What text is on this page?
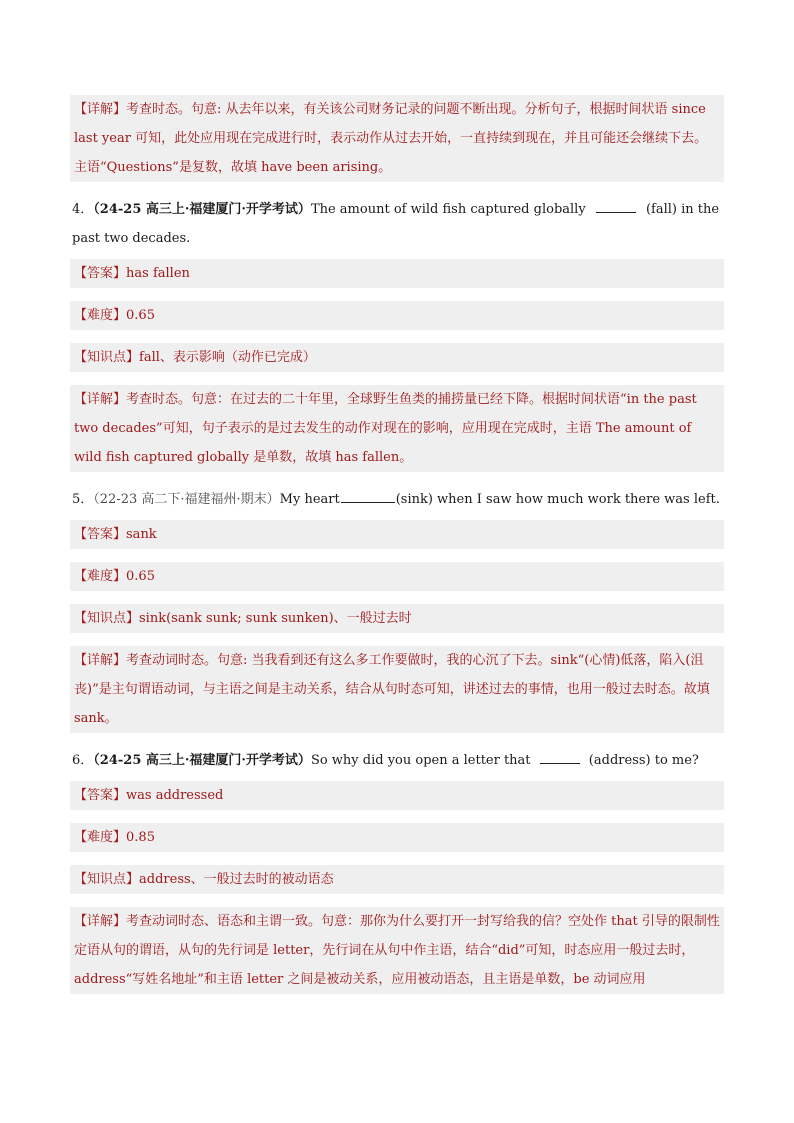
【详解】考查时态。句意: 从去年以来，有关该公司财务记录的问题不断出现。分析句子，根据时间状语 since last year 可知，此处应用现在完成进行时，表示动作从过去开始，一直持续到现在，并且可能还会继续下去。主语“Questions”是复数，故填 have been arising。

4．（24-25 高三上·福建厦门·开学考试）The amount of wild fish captured globally	(fall) in the past two decades.

【答案】has fallen

【难度】0.65

【知识点】fall、表示影响（动作已完成）

【详解】考查时态。句意：在过去的二十年里，全球野生鱼类的捕捞量已经下降。根据时间状语“in the past two decades”可知，句子表示的是过去发生的动作对现在的影响，应用现在完成时，主语 The amount of wild fish captured globally 是单数，故填 has fallen。

5．（22-23 高二下·福建福州·期末）My heart	(sink) when I saw how much work there was left.

【答案】sank

【难度】0.65

【知识点】sink(sank sunk; sunk sunken)、一般过去时

【详解】考查动词时态。句意: 当我看到还有这么多工作要做时，我的心沉了下去。sink“(心情)低落，陷入(沮丧)”是主句谓语动词，与主语之间是主动关系，结合从句时态可知，讲述过去的事情，也用一般过去时态。故填 sank。

6．（24-25 高三上·福建厦门·开学考试）So why did you open a letter that	(address) to me?

【答案】was addressed

【难度】0.85

【知识点】address、一般过去时的被动语态

【详解】考查动词时态、语态和主谓一致。句意：那你为什么要打开一封写给我的信？空处作 that 引导的限制性定语从句的谓语，从句的先行词是 letter，先行词在从句中作主语，结合“did”可知，时态应用一般过去时，address“写姓名地址”和主语 letter 之间是被动关系，应用被动语态，且主语是单数，be 动词应用
